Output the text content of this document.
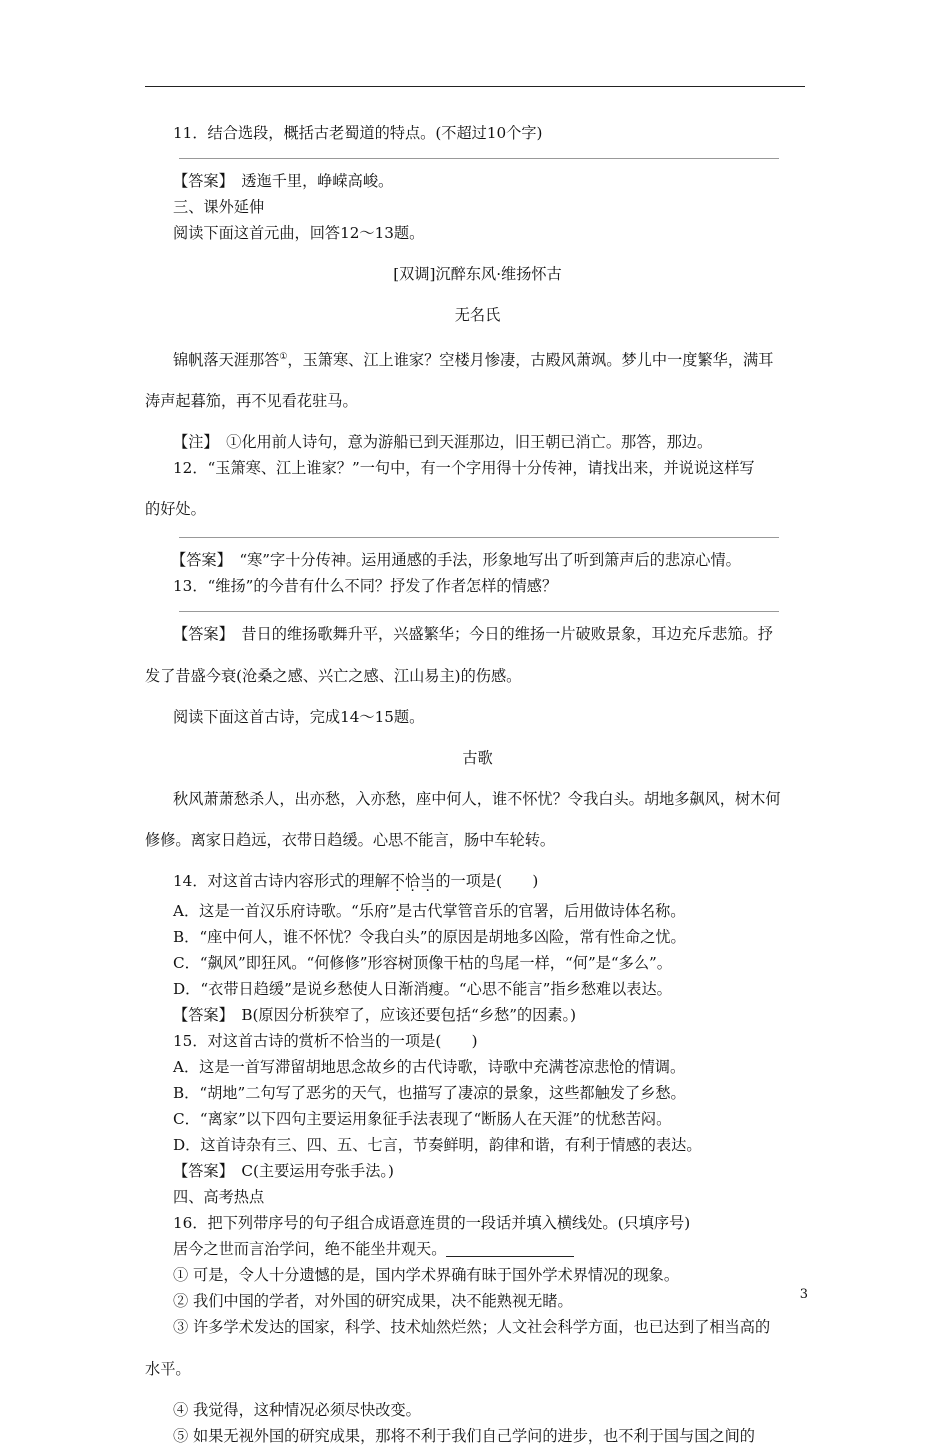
11．结合选段，概括古老蜀道的特点。(不超过10个字)

【答案】　透迤千里，峥嵘高峻。

三、课外延伸

阅读下面这首元曲，回答12～13题。

[双调]沉醉东风·维扬怀古

无名氏

锦帆落天涯那答①，玉箫寒、江上谁家？空楼月惨凄，古殿风萧飒。梦儿中一度繁华，满耳

涛声起暮笳，再不见看花驻马。

【注】　①化用前人诗句，意为游船已到天涯那边，旧王朝已消亡。那答，那边。

12．“玉箫寒、江上谁家？”一句中，有一个字用得十分传神，请找出来，并说说这样写

的好处。

【答案】　“寒”字十分传神。运用通感的手法，形象地写出了听到箫声后的悲凉心情。

13．“维扬”的今昔有什么不同？抒发了作者怎样的情感？

【答案】　昔日的维扬歌舞升平，兴盛繁华；今日的维扬一片破败景象，耳边充斥悲笳。抒

发了昔盛今衰(沧桑之感、兴亡之感、江山易主)的伤感。

阅读下面这首古诗，完成14～15题。

古歌

秋风萧萧愁杀人，出亦愁，入亦愁，座中何人，谁不怀忧？令我白头。胡地多飙风，树木何

修修。离家日趋远，衣带日趋缓。心思不能言，肠中车轮转。

14．对这首古诗内容形式的理解不恰当的一项是(　　)

A．这是一首汉乐府诗歌。“乐府”是古代掌管音乐的官署，后用做诗体名称。

B．“座中何人，谁不怀忧？令我白头”的原因是胡地多凶险，常有性命之忧。

C．“飙风”即狂风。“何修修”形容树顶像干枯的鸟尾一样，“何”是“多么”。

D．“衣带日趋缓”是说乡愁使人日渐消瘦。“心思不能言”指乡愁难以表达。

【答案】　B(原因分析狭窄了，应该还要包括“乡愁”的因素。)

15．对这首古诗的赏析不恰当的一项是(　　)

A．这是一首写滞留胡地思念故乡的古代诗歌，诗歌中充满苍凉悲怆的情调。

B．“胡地”二句写了恶劣的天气，也描写了凄凉的景象，这些都触发了乡愁。

C．“离家”以下四句主要运用象征手法表现了“断肠人在天涯”的忧愁苦闷。

D．这首诗杂有三、四、五、七言，节奏鲜明，韵律和谐，有利于情感的表达。

【答案】　C(主要运用夸张手法。)

四、高考热点

16．把下列带序号的句子组合成语意连贯的一段话并填入横线处。(只填序号)

居今之世而言治学问，绝不能坐井观天。

① 可是，令人十分遗憾的是，国内学术界确有昧于国外学术界情况的现象。

② 我们中国的学者，对外国的研究成果，决不能熟视无睹。

③ 许多学术发达的国家，科学、技术灿然烂然；人文社会科学方面，也已达到了相当高的

水平。

④ 我觉得，这种情况必须尽快改变。

⑤ 如果无视外国的研究成果，那将不利于我们自己学问的进步，也不利于国与国之间的

3
